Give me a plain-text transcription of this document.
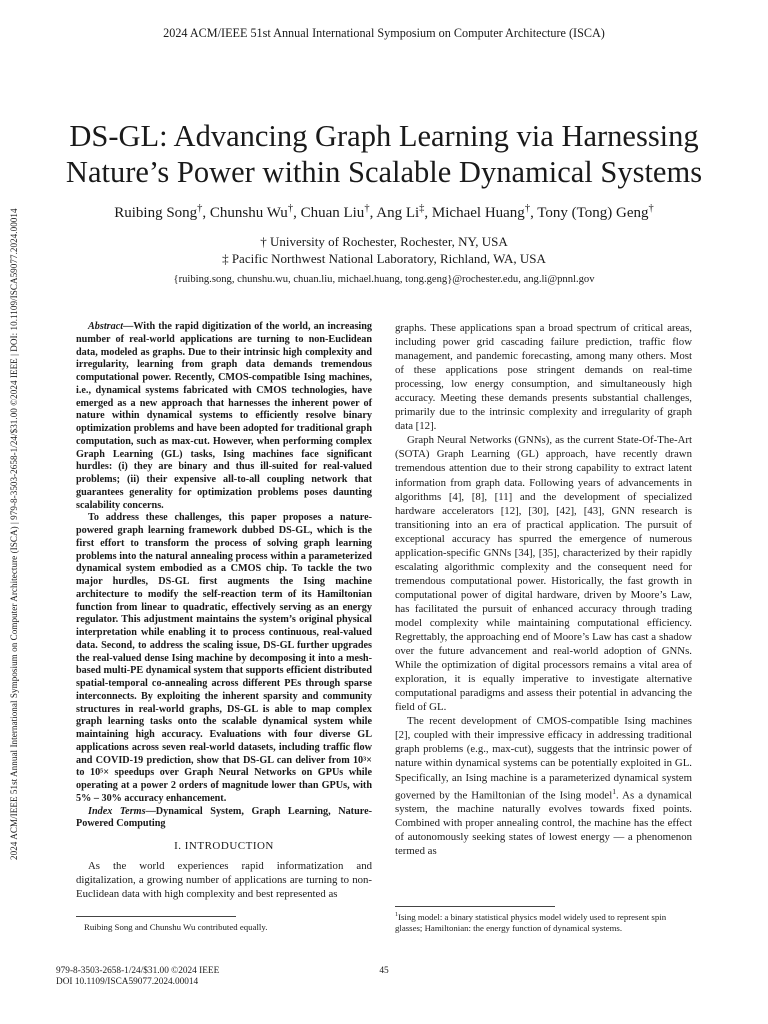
2024 ACM/IEEE 51st Annual International Symposium on Computer Architecture (ISCA)
2024 ACM/IEEE 51st Annual International Symposium on Computer Architecture (ISCA) | 979-8-3503-2658-1/24/$31.00 ©2024 IEEE | DOI: 10.1109/ISCA59077.2024.00014
DS-GL: Advancing Graph Learning via Harnessing
Nature’s Power within Scalable Dynamical Systems
Ruibing Song†, Chunshu Wu†, Chuan Liu†, Ang Li‡, Michael Huang†, Tony (Tong) Geng†
† University of Rochester, Rochester, NY, USA
‡ Pacific Northwest National Laboratory, Richland, WA, USA
{ruibing.song, chunshu.wu, chuan.liu, michael.huang, tong.geng}@rochester.edu, ang.li@pnnl.gov

Abstract—With the rapid digitization of the world, an increasing number of real-world applications are turning to non-Euclidean data, modeled as graphs. Due to their intrinsic high complexity and irregularity, learning from graph data demands tremendous computational power. Recently, CMOS-compatible Ising machines, i.e., dynamical systems fabricated with CMOS technologies, have emerged as a new approach that harnesses the inherent power of nature within dynamical systems to efficiently resolve binary optimization problems and have been adopted for traditional graph computation, such as max-cut. However, when performing complex Graph Learning (GL) tasks, Ising machines face significant hurdles: (i) they are binary and thus ill-suited for real-valued problems; (ii) their expensive all-to-all coupling network that guarantees generality for optimization problems poses daunting scalability concerns.

To address these challenges, this paper proposes a nature-powered graph learning framework dubbed DS-GL, which is the first effort to transform the process of solving graph learning problems into the natural annealing process within a parameterized dynamical system embodied as a CMOS chip. To tackle the two major hurdles, DS-GL first augments the Ising machine architecture to modify the self-reaction term of its Hamiltonian function from linear to quadratic, effectively serving as an energy regulator. This adjustment maintains the system’s original physical interpretation while enabling it to process continuous, real-valued data. Second, to address the scaling issue, DS-GL further upgrades the real-valued dense Ising machine by decomposing it into a mesh-based multi-PE dynamical system that supports efficient distributed spatial-temporal co-annealing across different PEs through sparse interconnects. By exploiting the inherent sparsity and community structures in real-world graphs, DS-GL is able to map complex graph learning tasks onto the scalable dynamical system while maintaining high accuracy. Evaluations with four diverse GL applications across seven real-world datasets, including traffic flow and COVID-19 prediction, show that DS-GL can deliver from 10³× to 10⁵× speedups over Graph Neural Networks on GPUs while operating at a power 2 orders of magnitude lower than GPUs, with 5% – 30% accuracy enhancement.

Index Terms—Dynamical System, Graph Learning, Nature-Powered Computing
I. INTRODUCTION

As the world experiences rapid informatization and digitalization, a growing number of applications are turning to non-Euclidean data with high complexity and best represented as

Ruibing Song and Chunshu Wu contributed equally.

graphs. These applications span a broad spectrum of critical areas, including power grid cascading failure prediction, traffic flow management, and pandemic forecasting, among many others. Most of these applications pose stringent demands on real-time processing, low energy consumption, and simultaneously high accuracy. Meeting these demands presents substantial challenges, primarily due to the intrinsic complexity and irregularity of graph data [12].

Graph Neural Networks (GNNs), as the current State-Of-The-Art (SOTA) Graph Learning (GL) approach, have recently drawn tremendous attention due to their strong capability to extract latent information from graph data. Following years of advancements in algorithms [4], [8], [11] and the development of specialized hardware accelerators [12], [30], [42], [43], GNN research is transitioning into an era of practical application. The pursuit of exceptional accuracy has spurred the emergence of numerous application-specific GNNs [34], [35], characterized by their rapidly escalating algorithmic complexity and the consequent need for tremendous computational power. Historically, the fast growth in computational power of digital hardware, driven by Moore’s Law, has facilitated the pursuit of enhanced accuracy through trading model complexity while maintaining computational efficiency. Regrettably, the approaching end of Moore’s Law has cast a shadow over the future advancement and real-world adoption of GNNs. While the optimization of digital processors remains a vital area of exploration, it is equally imperative to investigate alternative computational paradigms and assess their potential in advancing the field of GL.

The recent development of CMOS-compatible Ising machines [2], coupled with their impressive efficacy in addressing traditional graph problems (e.g., max-cut), suggests that the intrinsic power of nature within dynamical systems can be potentially exploited in GL. Specifically, an Ising machine is a parameterized dynamical system governed by the Hamiltonian of the Ising model$^1$. As a dynamical system, the machine naturally evolves towards fixed points. Combined with proper annealing control, the machine has the effect of autonomously seeking states of lowest energy — a phenomenon termed as

$^1$Ising model: a binary statistical physics model widely used to represent spin glasses; Hamiltonian: the energy function of dynamical systems.
979-8-3503-2658-1/24/$31.00 ©2024 IEEE
DOI 10.1109/ISCA59077.2024.00014
45
